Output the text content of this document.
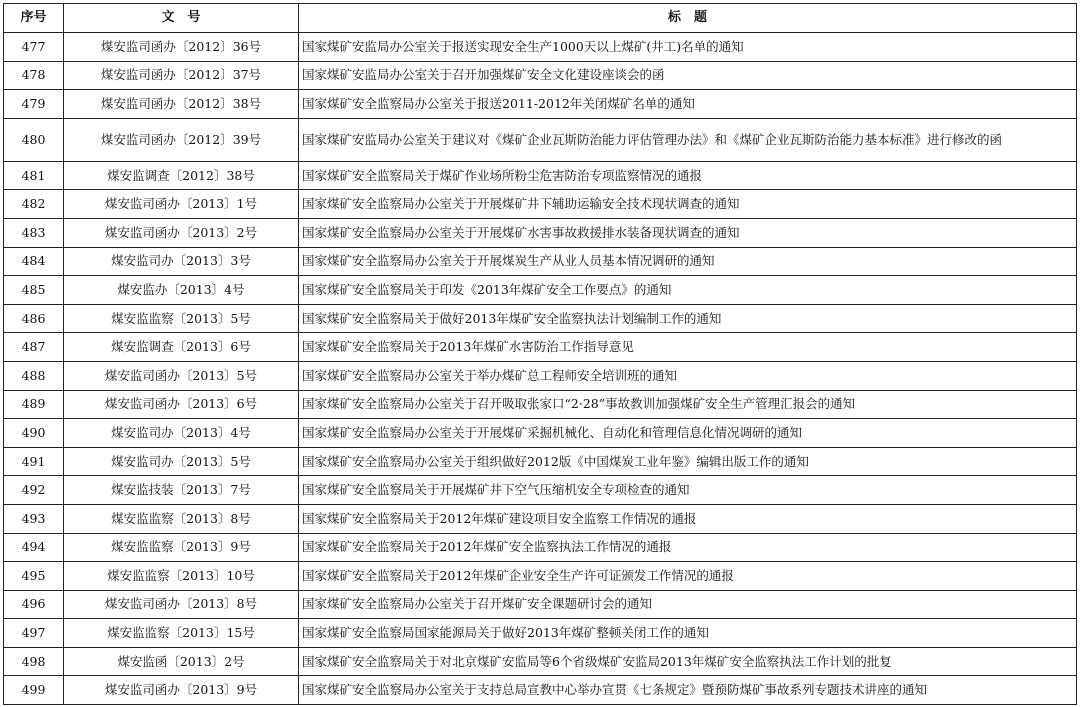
序号	文　号	标　题
477	煤安监司函办〔2012〕36号	国家煤矿安监局办公室关于报送实现安全生产1000天以上煤矿(井工)名单的通知
478	煤安监司函办〔2012〕37号	国家煤矿安监局办公室关于召开加强煤矿安全文化建设座谈会的函
479	煤安监司函办〔2012〕38号	国家煤矿安全监察局办公室关于报送2011-2012年关闭煤矿名单的通知
480	煤安监司函办〔2012〕39号	国家煤矿安监局办公室关于建议对《煤矿企业瓦斯防治能力评估管理办法》和《煤矿企业瓦斯防治能力基本标准》进行修改的函
481	煤安监调查〔2012〕38号	国家煤矿安全监察局关于煤矿作业场所粉尘危害防治专项监察情况的通报
482	煤安监司函办〔2013〕1号	国家煤矿安全监察局办公室关于开展煤矿井下辅助运输安全技术现状调查的通知
483	煤安监司函办〔2013〕2号	国家煤矿安全监察局办公室关于开展煤矿水害事故救援排水装备现状调查的通知
484	煤安监司办〔2013〕3号	国家煤矿安全监察局办公室关于开展煤炭生产从业人员基本情况调研的通知
485	煤安监办〔2013〕4号	国家煤矿安全监察局关于印发《2013年煤矿安全工作要点》的通知
486	煤安监监察〔2013〕5号	国家煤矿安全监察局关于做好2013年煤矿安全监察执法计划编制工作的通知
487	煤安监调查〔2013〕6号	国家煤矿安全监察局关于2013年煤矿水害防治工作指导意见
488	煤安监司函办〔2013〕5号	国家煤矿安全监察局办公室关于举办煤矿总工程师安全培训班的通知
489	煤安监司函办〔2013〕6号	国家煤矿安全监察局办公室关于召开吸取张家口“2·28”事故教训加强煤矿安全生产管理汇报会的通知
490	煤安监司办〔2013〕4号	国家煤矿安全监察局办公室关于开展煤矿采掘机械化、自动化和管理信息化情况调研的通知
491	煤安监司办〔2013〕5号	国家煤矿安全监察局办公室关于组织做好2012版《中国煤炭工业年鉴》编辑出版工作的通知
492	煤安监技装〔2013〕7号	国家煤矿安全监察局关于开展煤矿井下空气压缩机安全专项检查的通知
493	煤安监监察〔2013〕8号	国家煤矿安全监察局关于2012年煤矿建设项目安全监察工作情况的通报
494	煤安监监察〔2013〕9号	国家煤矿安全监察局关于2012年煤矿安全监察执法工作情况的通报
495	煤安监监察〔2013〕10号	国家煤矿安全监察局关于2012年煤矿企业安全生产许可证颁发工作情况的通报
496	煤安监司函办〔2013〕8号	国家煤矿安全监察局办公室关于召开煤矿安全课题研讨会的通知
497	煤安监监察〔2013〕15号	国家煤矿安全监察局国家能源局关于做好2013年煤矿整顿关闭工作的通知
498	煤安监函〔2013〕2号	国家煤矿安全监察局关于对北京煤矿安监局等6个省级煤矿安监局2013年煤矿安全监察执法工作计划的批复
499	煤安监司函办〔2013〕9号	国家煤矿安全监察局办公室关于支持总局宣教中心举办宣贯《七条规定》暨预防煤矿事故系列专题技术讲座的通知
